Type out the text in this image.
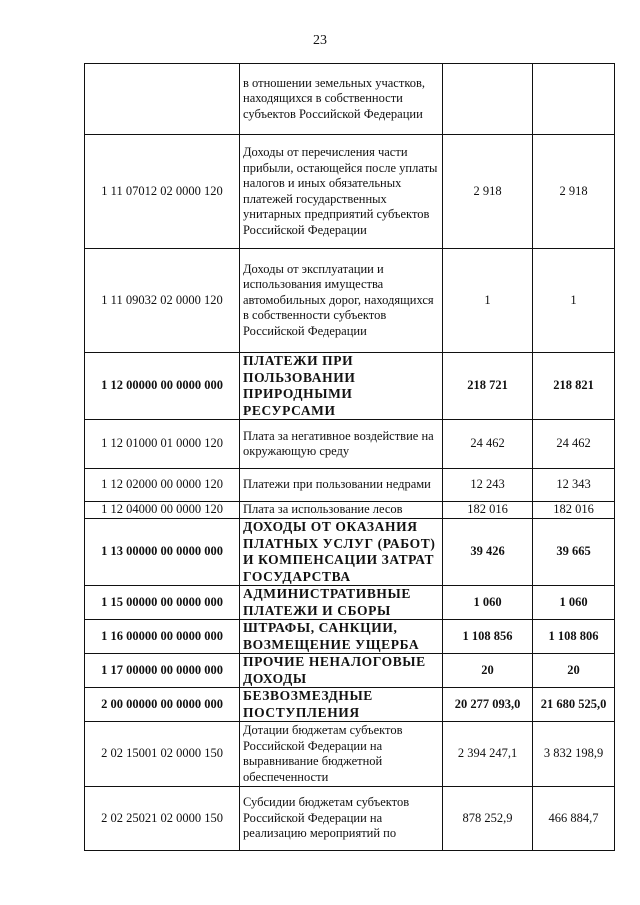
23
	в отношении земельных участков, находящихся в собственности субъектов Российской Федерации		
1 11 07012 02 0000 120	Доходы от перечисления части прибыли, остающейся после уплаты налогов и иных обязательных платежей государственных унитарных предприятий субъектов Российской Федерации	2 918	2 918
1 11 09032 02 0000 120	Доходы от эксплуатации и использования имущества автомобильных дорог, находящихся в собственности субъектов Российской Федерации	1	1
1 12 00000 00 0000 000	ПЛАТЕЖИ ПРИ ПОЛЬЗОВАНИИ ПРИРОДНЫМИ РЕСУРСАМИ	218 721	218 821
1 12 01000 01 0000 120	Плата за негативное воздействие на окружающую среду	24 462	24 462
1 12 02000 00 0000 120	Платежи при пользовании недрами	12 243	12 343
1 12 04000 00 0000 120	Плата за использование лесов	182 016	182 016
1 13 00000 00 0000 000	ДОХОДЫ ОТ ОКАЗАНИЯ ПЛАТНЫХ УСЛУГ (РАБОТ) И КОМПЕНСАЦИИ ЗАТРАТ ГОСУДАРСТВА	39 426	39 665
1 15 00000 00 0000 000	АДМИНИСТРАТИВНЫЕ ПЛАТЕЖИ И СБОРЫ	1 060	1 060
1 16 00000 00 0000 000	ШТРАФЫ, САНКЦИИ, ВОЗМЕЩЕНИЕ УЩЕРБА	1 108 856	1 108 806
1 17 00000 00 0000 000	ПРОЧИЕ НЕНАЛОГОВЫЕ ДОХОДЫ	20	20
2 00 00000 00 0000 000	БЕЗВОЗМЕЗДНЫЕ ПОСТУПЛЕНИЯ	20 277 093,0	21 680 525,0
2 02 15001 02 0000 150	Дотации бюджетам субъектов Российской Федерации на выравнивание бюджетной обеспеченности	2 394 247,1	3 832 198,9
2 02 25021 02 0000 150	Субсидии бюджетам субъектов Российской Федерации на реализацию мероприятий по	878 252,9	466 884,7
